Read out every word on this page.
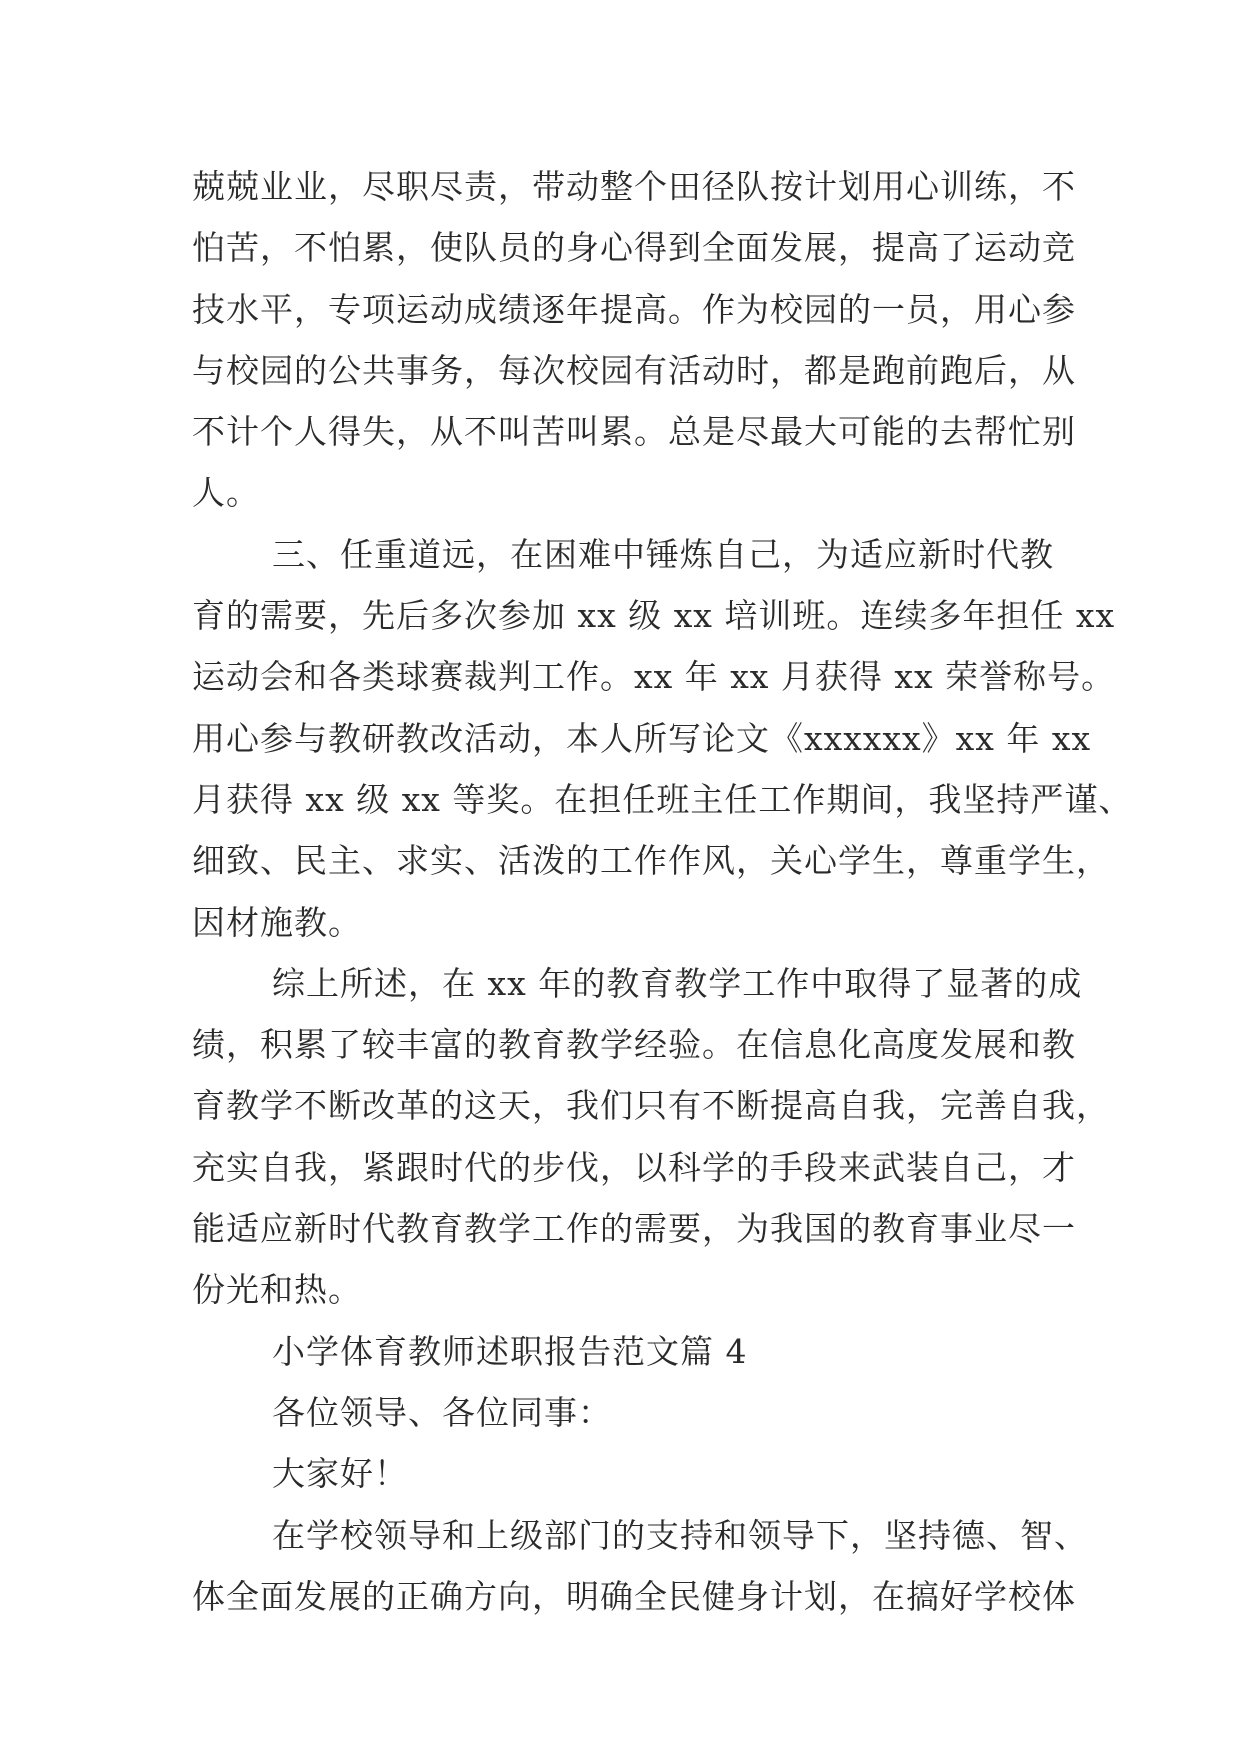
兢兢业业，尽职尽责，带动整个田径队按计划用心训练，不
怕苦，不怕累，使队员的身心得到全面发展，提高了运动竞
技水平，专项运动成绩逐年提高。作为校园的一员，用心参
与校园的公共事务，每次校园有活动时，都是跑前跑后，从
不计个人得失，从不叫苦叫累。总是尽最大可能的去帮忙别
人。
三、任重道远，在困难中锤炼自己，为适应新时代教
育的需要，先后多次参加 xx 级 xx 培训班。连续多年担任 xx
运动会和各类球赛裁判工作。xx 年 xx 月获得 xx 荣誉称号。
用心参与教研教改活动，本人所写论文《xxxxxx》xx 年 xx
月获得 xx 级 xx 等奖。在担任班主任工作期间，我坚持严谨、
细致、民主、求实、活泼的工作作风，关心学生，尊重学生，
因材施教。
综上所述，在 xx 年的教育教学工作中取得了显著的成
绩，积累了较丰富的教育教学经验。在信息化高度发展和教
育教学不断改革的这天，我们只有不断提高自我，完善自我，
充实自我，紧跟时代的步伐，以科学的手段来武装自己，才
能适应新时代教育教学工作的需要，为我国的教育事业尽一
份光和热。
小学体育教师述职报告范文篇 4
各位领导、各位同事：
大家好！
在学校领导和上级部门的支持和领导下，坚持德、智、
体全面发展的正确方向，明确全民健身计划，在搞好学校体
